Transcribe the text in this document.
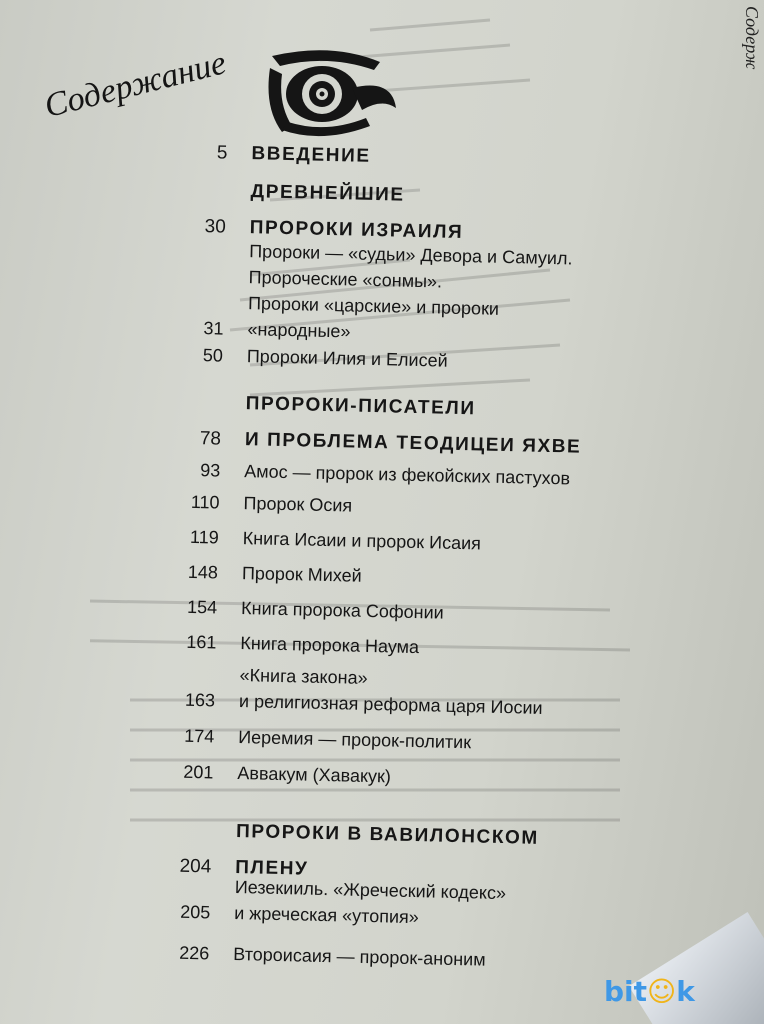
Содерж
Содержание
ВВЕДЕНИЕ
5
ДРЕВНЕЙШИЕ
ПРОРОКИ ИЗРАИЛЯ
30
Пророки — «судьи» Девора и Самуил.
Пророческие «сонмы».
Пророки «царские» и пророки
«народные»
31
Пророки Илия и Елисей
50
ПРОРОКИ-ПИСАТЕЛИ
И ПРОБЛЕМА ТЕОДИЦЕИ ЯХВЕ
78
Амос — пророк из фекойских пастухов
93
Пророк Осия
110
Книга Исаии и пророк Исаия
119
Пророк Михей
148
Книга пророка Софонии
154
Книга пророка Наума
161
«Книга закона»
и религиозная реформа царя Иосии
163
Иеремия — пророк-политик
174
Аввакум (Хавакук)
201
ПРОРОКИ В ВАВИЛОНСКОМ
ПЛЕНУ
204
Иезекииль. «Жреческий кодекс»
и жреческая «утопия»
205
Второисаия — пророк-аноним
226
bit☺k
